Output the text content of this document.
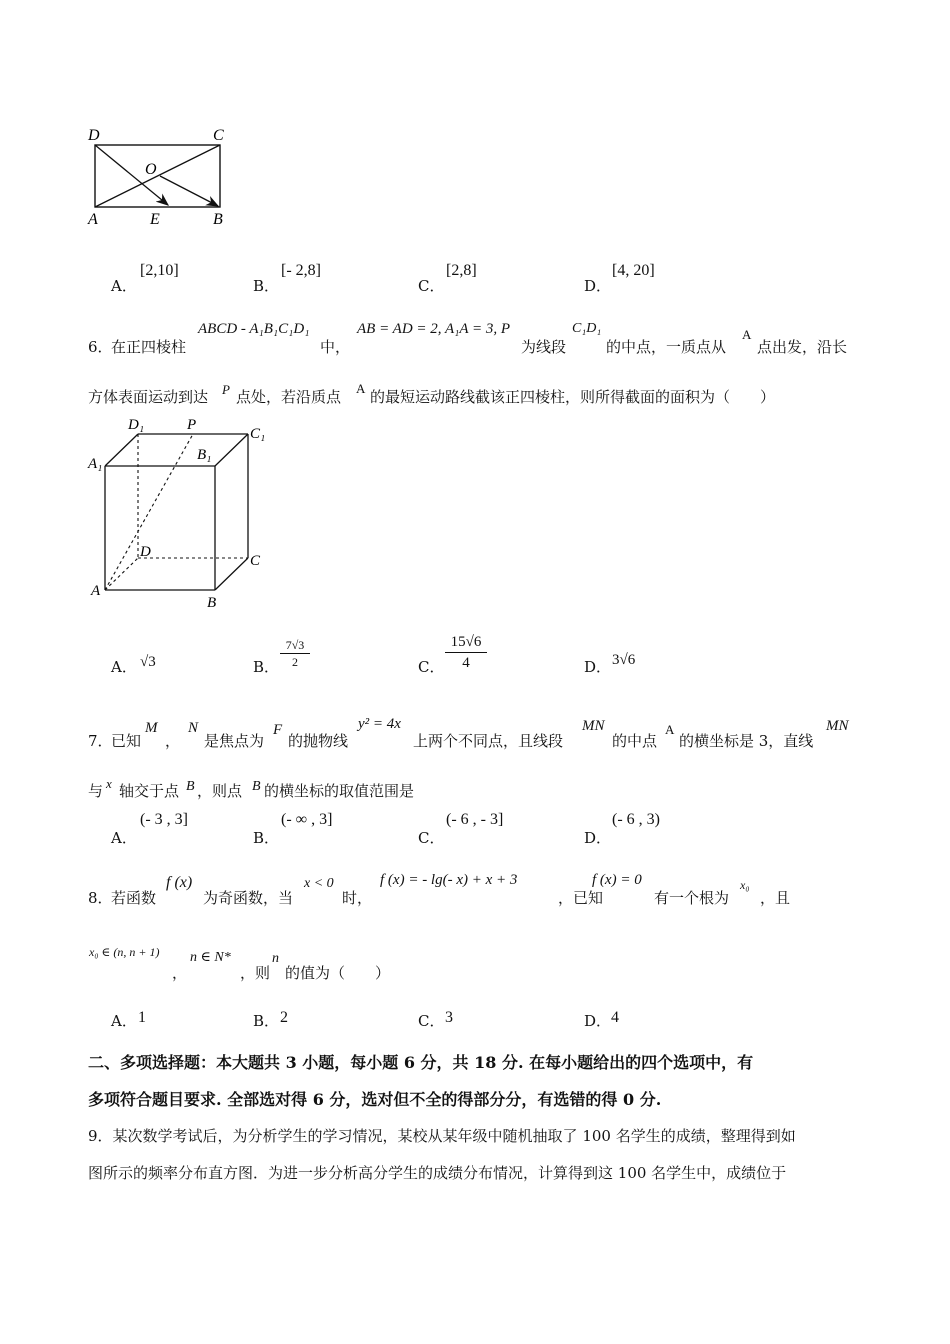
D	C
O
A	E	B
A．
[2,10]
B．
[- 2,8]
C．
[2,8]
D．
[4, 20]
6．
在正四棱柱
ABCD - A₁B₁C₁D₁
中，
AB = AD = 2, A₁A = 3, P
为线段
C₁D₁
的中点，一质点从
A
点出发，沿长
方体表面运动到达 P 点处，若沿质点 A 的最短运动路线截该正四棱柱，则所得截面的面积为（　　）
D₁	P
C₁
A₁
B₁
D
C
A
B
A． √3	B．
7√3
2	C．
15√6
4	D． 3√6
7．
已知
M
，
N
是焦点为
F
的抛物线
y² = 4x
上两个不同点，且线段
MN
的中点
A
的横坐标是 3，直线
MN
与 x 轴交于点 B ，则点 B 的横坐标的取值范围是
A．
(- 3 , 3]
B．
(- ∞ , 3]
C．
(- 6 , - 3]
D．
(- 6 , 3)
8．
若函数
f (x)
为奇函数，当
x < 0
时，
f (x) = - lg(- x) + x + 3
，已知
f (x) = 0
有一个根为
x₀
，且
x₀ ∈ (n, n + 1)
，
n ∈ N*
，则
n
的值为（　　）
A． 1	B． 2	C． 3	D． 4
二、多项选择题：本大题共 3 小题，每小题 6 分，共 18 分. 在每小题给出的四个选项中，有
多项符合题目要求. 全部选对得 6 分，选对但不全的得部分分，有选错的得 0 分.
9．某次数学考试后，为分析学生的学习情况，某校从某年级中随机抽取了 100 名学生的成绩，整理得到如
图所示的频率分布直方图．为进一步分析高分学生的成绩分布情况，计算得到这 100 名学生中，成绩位于
